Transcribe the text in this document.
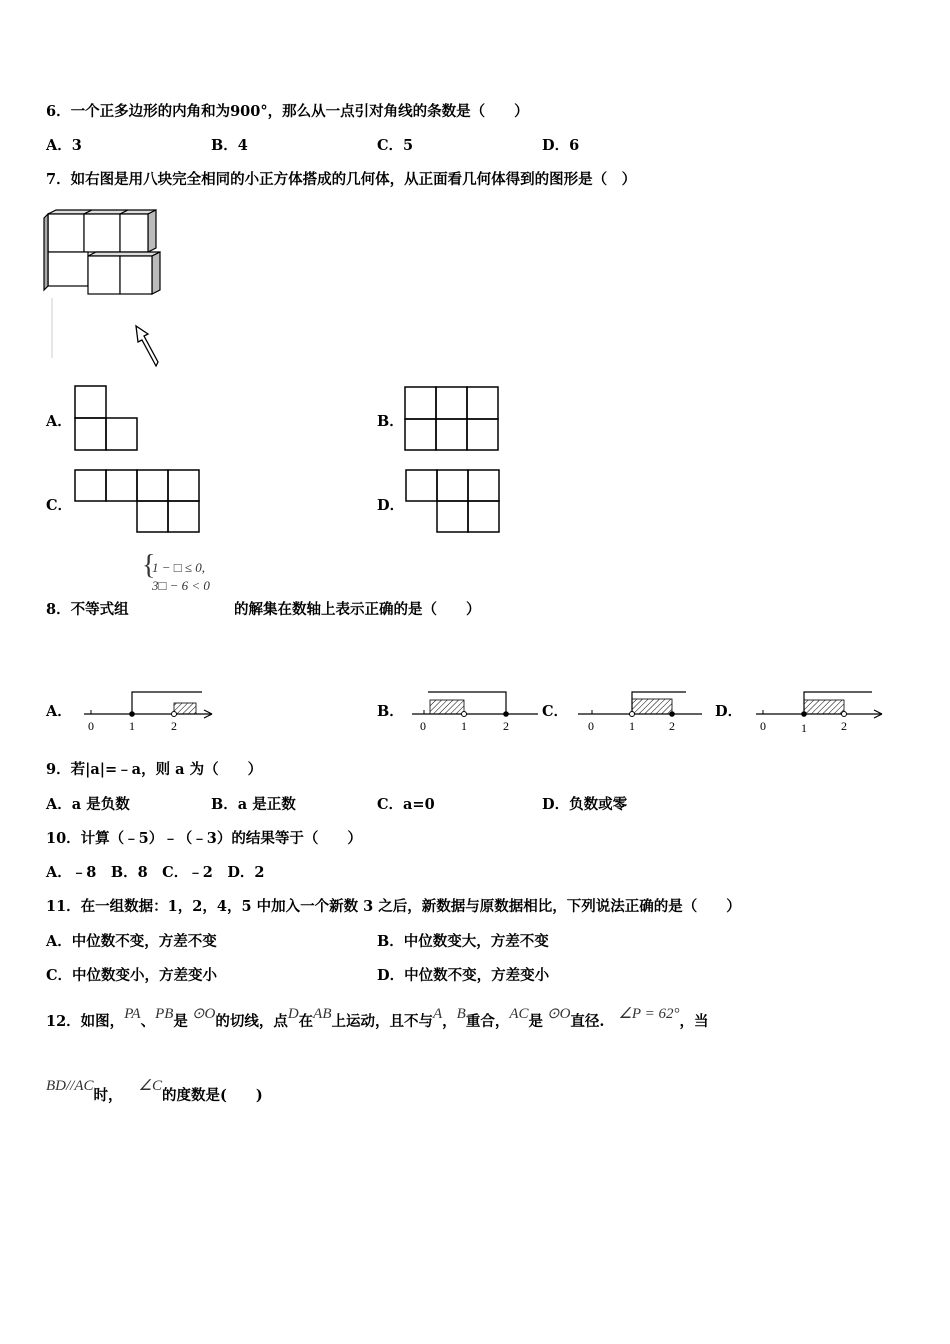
6．一个正多边形的内角和为900°，那么从一点引对角线的条数是（　　）
A．3	B．4	C．5	D．6
7．如右图是用八块完全相同的小正方体搭成的几何体，从正面看几何体得到的图形是（　）
A．	B．
C．	D．
{
1 − □ ≤ 0,
3□ − 6 < 0
8．不等式组	的解集在数轴上表示正确的是（　　）
A．
0	1	2
B．
0	1	2
C．
0	1	2
D．
0	1	2
9．若|a|=﹣a，则 a 为（　　）
A．a 是负数	B．a 是正数	C．a=0	D．负数或零
10．计算（﹣5）﹣（﹣3）的结果等于（　　）
A．﹣8　B．8　C．﹣2　D．2
11．在一组数据：1，2，4，5 中加入一个新数 3 之后，新数据与原数据相比，下列说法正确的是（　　）
A．中位数不变，方差不变	B．中位数变大，方差不变
C．中位数变小，方差变小	D．中位数不变，方差变小
12．如图，PA、PB是 ⊙O的切线，点D在AB上运动，且不与A，B重合，AC是 ⊙O直径. ∠P = 62°，当
BD//AC时，∠C的度数是(　　)
